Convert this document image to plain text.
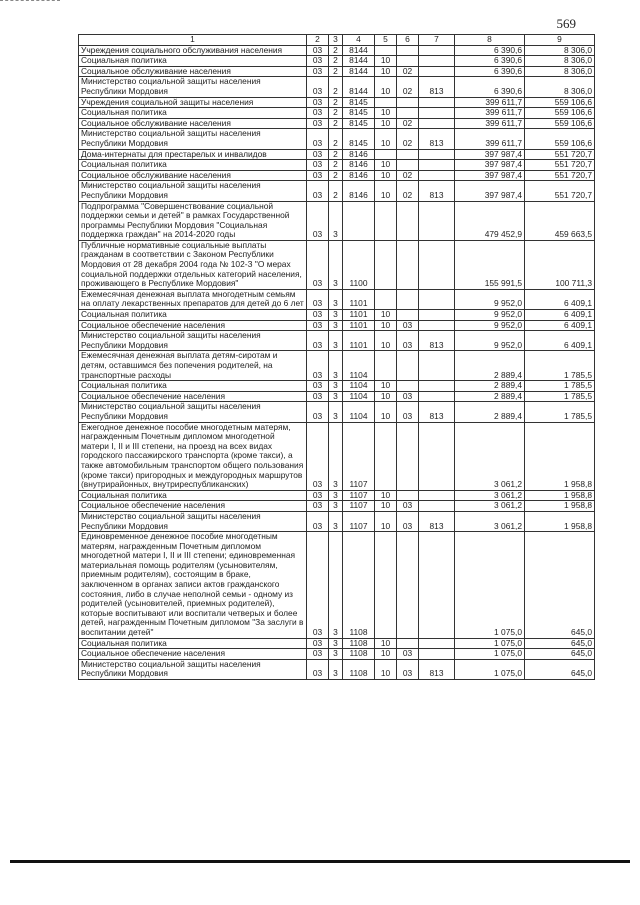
569
1	2	3	4	5	6	7	8	9
Учреждения социального обслуживания населения	03	2	8144				6 390,6	8 306,0
Социальная политика	03	2	8144	10			6 390,6	8 306,0
Социальное обслуживание населения	03	2	8144	10	02		6 390,6	8 306,0
Министерство социальной защиты населения Республики Мордовия	03	2	8144	10	02	813	6 390,6	8 306,0
Учреждения социальной защиты населения	03	2	8145				399 611,7	559 106,6
Социальная политика	03	2	8145	10			399 611,7	559 106,6
Социальное обслуживание населения	03	2	8145	10	02		399 611,7	559 106,6
Министерство социальной защиты населения Республики Мордовия	03	2	8145	10	02	813	399 611,7	559 106,6
Дома-интернаты для престарелых и инвалидов	03	2	8146				397 987,4	551 720,7
Социальная политика	03	2	8146	10			397 987,4	551 720,7
Социальное обслуживание населения	03	2	8146	10	02		397 987,4	551 720,7
Министерство социальной защиты населения Республики Мордовия	03	2	8146	10	02	813	397 987,4	551 720,7
Подпрограмма "Совершенствование социальной поддержки семьи и детей" в рамках Государственной программы Республики Мордовия "Социальная поддержка граждан" на 2014-2020 годы	03	3					479 452,9	459 663,5
Публичные нормативные социальные выплаты гражданам в соответствии с Законом Республики Мордовия от 28 декабря 2004 года № 102-З "О мерах социальной поддержки отдельных категорий населения, проживающего в Республике Мордовия"	03	3	1100				155 991,5	100 711,3
Ежемесячная денежная выплата многодетным семьям на оплату лекарственных препаратов для детей до 6 лет	03	3	1101				9 952,0	6 409,1
Социальная политика	03	3	1101	10			9 952,0	6 409,1
Социальное обеспечение населения	03	3	1101	10	03		9 952,0	6 409,1
Министерство социальной защиты населения Республики Мордовия	03	3	1101	10	03	813	9 952,0	6 409,1
Ежемесячная денежная выплата детям-сиротам и детям, оставшимся без попечения родителей, на транспортные расходы	03	3	1104				2 889,4	1 785,5
Социальная политика	03	3	1104	10			2 889,4	1 785,5
Социальное обеспечение населения	03	3	1104	10	03		2 889,4	1 785,5
Министерство социальной защиты населения Республики Мордовия	03	3	1104	10	03	813	2 889,4	1 785,5
Ежегодное денежное пособие многодетным матерям, награжденным Почетным дипломом многодетной матери I, II и III степени, на проезд на всех видах городского пассажирского транспорта (кроме такси), а также автомобильным транспортом общего пользования (кроме такси) пригородных и междугородных маршрутов (внутрирайонных, внутриреспубликанских)	03	3	1107				3 061,2	1 958,8
Социальная политика	03	3	1107	10			3 061,2	1 958,8
Социальное обеспечение населения	03	3	1107	10	03		3 061,2	1 958,8
Министерство социальной защиты населения Республики Мордовия	03	3	1107	10	03	813	3 061,2	1 958,8
Единовременное денежное пособие многодетным матерям, награжденным Почетным дипломом многодетной матери I, II и III степени; единовременная материальная помощь родителям (усыновителям, приемным родителям), состоящим в браке, заключенном в органах записи актов гражданского состояния, либо в случае неполной семьи - одному из родителей (усыновителей, приемных родителей), которые воспитывают или воспитали четверых и более детей, награжденным Почетным дипломом "За заслуги в воспитании детей"	03	3	1108				1 075,0	645,0
Социальная политика	03	3	1108	10			1 075,0	645,0
Социальное обеспечение населения	03	3	1108	10	03		1 075,0	645,0
Министерство социальной защиты населения Республики Мордовия	03	3	1108	10	03	813	1 075,0	645,0
